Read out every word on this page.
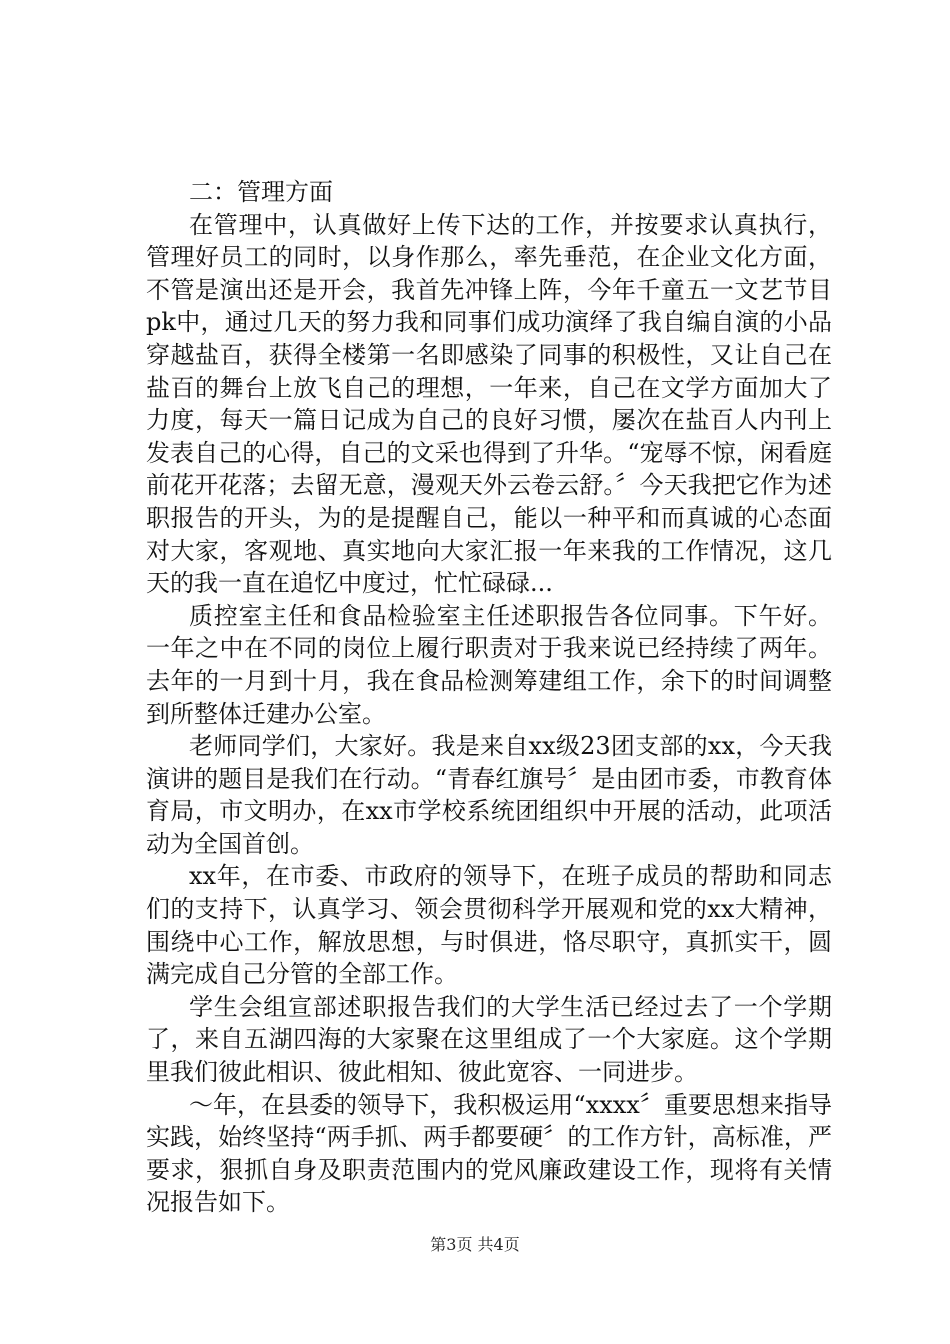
二：管理方面

在管理中，认真做好上传下达的工作，并按要求认真执行，管理好员工的同时，以身作那么，率先垂范，在企业文化方面，不管是演出还是开会，我首先冲锋上阵，今年千童五一文艺节目pk中，通过几天的努力我和同事们成功演绎了我自编自演的小品穿越盐百，获得全楼第一名即感染了同事的积极性，又让自己在盐百的舞台上放飞自己的理想，一年来，自己在文学方面加大了力度，每天一篇日记成为自己的良好习惯，屡次在盐百人内刊上发表自己的心得，自己的文采也得到了升华。“宠辱不惊，闲看庭前花开花落；去留无意，漫观天外云卷云舒。〞今天我把它作为述职报告的开头，为的是提醒自己，能以一种平和而真诚的心态面对大家，客观地、真实地向大家汇报一年来我的工作情况，这几天的我一直在追忆中度过，忙忙碌碌...

质控室主任和食品检验室主任述职报告各位同事。下午好。一年之中在不同的岗位上履行职责对于我来说已经持续了两年。去年的一月到十月，我在食品检测筹建组工作，余下的时间调整到所整体迁建办公室。

老师同学们，大家好。我是来自xx级23团支部的xx，今天我演讲的题目是我们在行动。“青春红旗号〞是由团市委，市教育体育局，市文明办，在xx市学校系统团组织中开展的活动，此项活动为全国首创。

xx年，在市委、市政府的领导下，在班子成员的帮助和同志们的支持下，认真学习、领会贯彻科学开展观和党的xx大精神，围绕中心工作，解放思想，与时俱进，恪尽职守，真抓实干，圆满完成自己分管的全部工作。

学生会组宣部述职报告我们的大学生活已经过去了一个学期了，来自五湖四海的大家聚在这里组成了一个大家庭。这个学期里我们彼此相识、彼此相知、彼此宽容、一同进步。

～年，在县委的领导下，我积极运用“xxxx〞重要思想来指导实践，始终坚持“两手抓、两手都要硬〞的工作方针，高标准，严要求，狠抓自身及职责范围内的党风廉政建设工作，现将有关情况报告如下。

第3页 共4页
